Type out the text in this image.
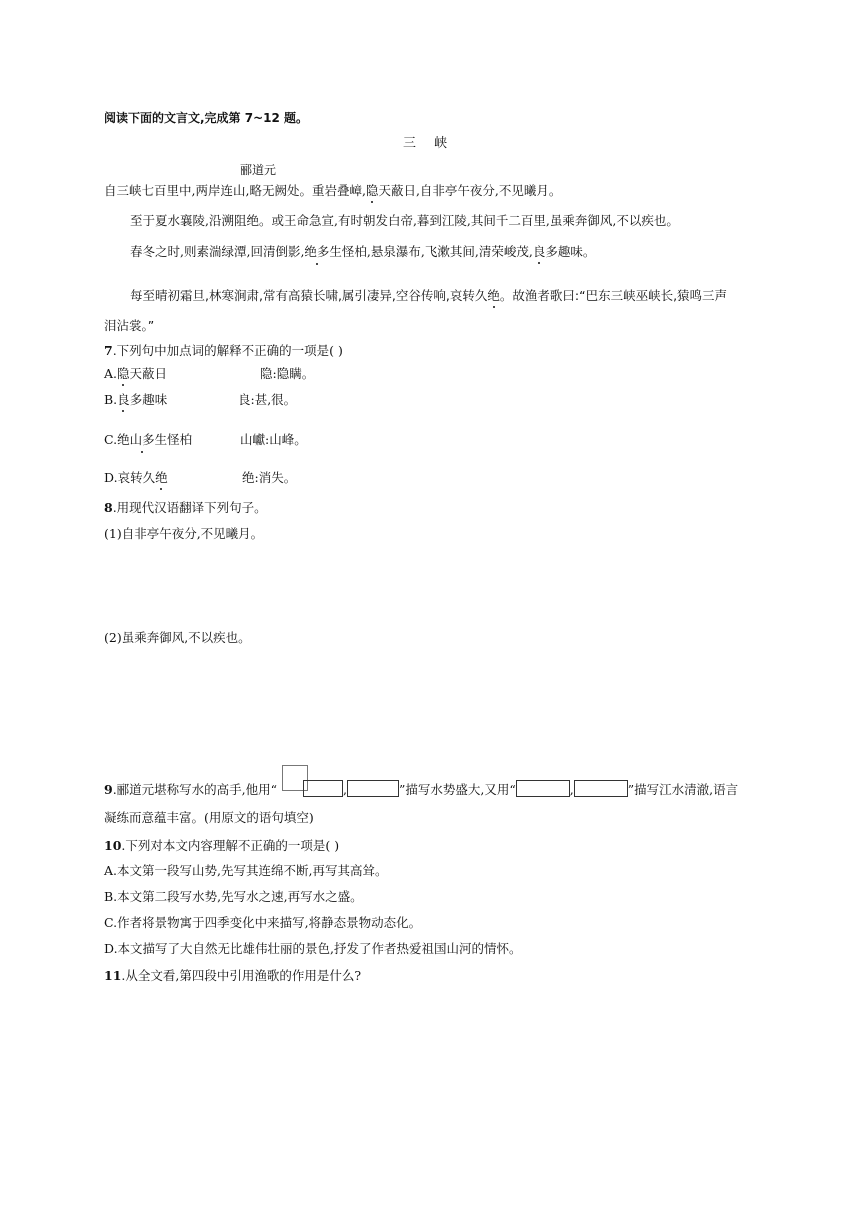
阅读下面的文言文,完成第 7~12 题。
三 峡
郦道元
自三峡七百里中,两岸连山,略无阙处。重岩叠嶂,隐天蔽日,自非亭午夜分,不见曦月。
至于夏水襄陵,沿溯阻绝。或王命急宣,有时朝发白帝,暮到江陵,其间千二百里,虽乘奔御风,不以疾也。
春冬之时,则素湍绿潭,回清倒影,绝多生怪柏,悬泉瀑布,飞漱其间,清荣峻茂,良多趣味。
每至晴初霜旦,林寒涧肃,常有高猿长啸,属引凄异,空谷传响,哀转久绝。故渔者歌曰:“巴东三峡巫峡长,猿鸣三声
泪沾裳。”
7.下列句中加点词的解释不正确的一项是( )
A.隐天蔽日	隐:隐瞒。
B.良多趣味	良:甚,很。
C.绝山多生怪柏	山巘:山峰。
D.哀转久绝	绝:消失。
8.用现代汉语翻译下列句子。
(1)自非亭午夜分,不见曦月。
(2)虽乘奔御风,不以疾也。
9.郦道元堪称写水的高手,他用“	,	”描写水势盛大,又用“	,	”描写江水清澈,语言
凝练而意蕴丰富。(用原文的语句填空)
10.下列对本文内容理解不正确的一项是( )
A.本文第一段写山势,先写其连绵不断,再写其高耸。
B.本文第二段写水势,先写水之速,再写水之盛。
C.作者将景物寓于四季变化中来描写,将静态景物动态化。
D.本文描写了大自然无比雄伟壮丽的景色,抒发了作者热爱祖国山河的情怀。
11.从全文看,第四段中引用渔歌的作用是什么?
